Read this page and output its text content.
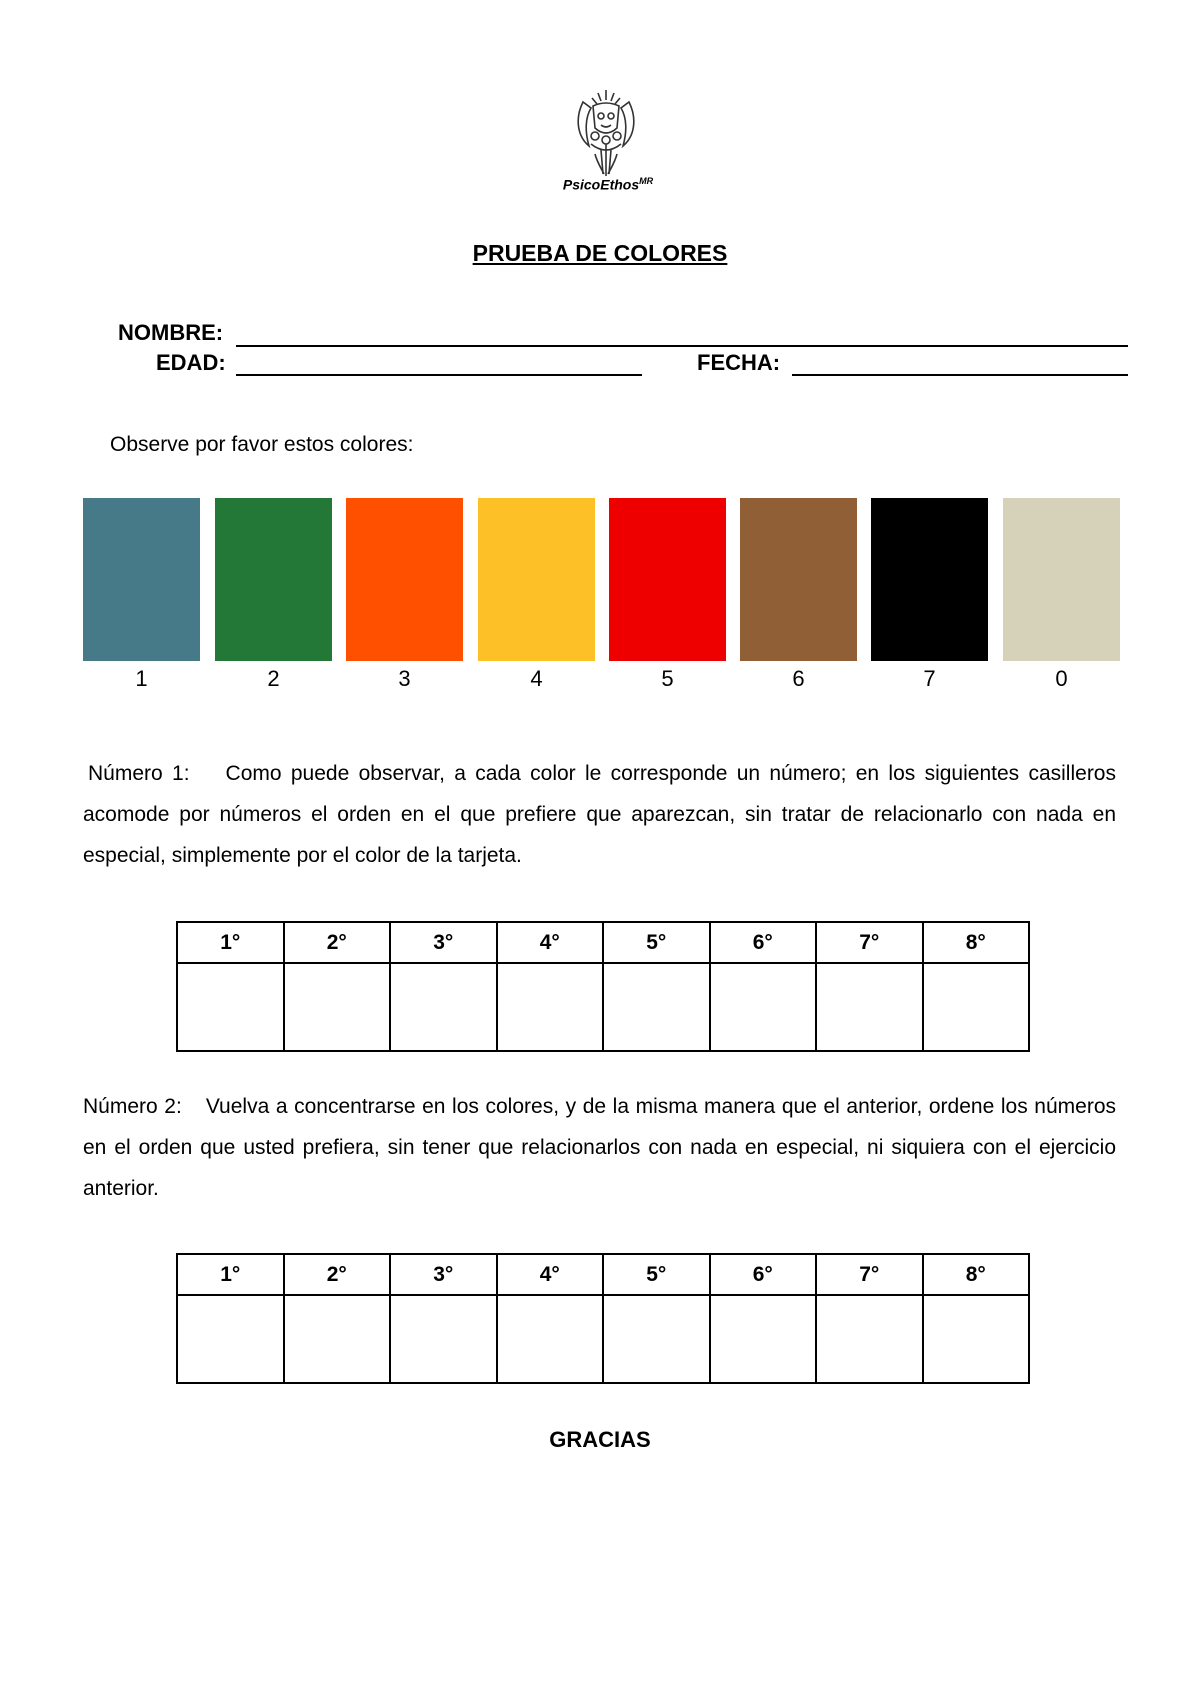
PsicoEthos$^{MR}$
PRUEBA DE COLORES
NOMBRE:
EDAD:	FECHA:
Observe por favor estos colores:
1	2	3	4	5	6	7	0
Número 1: Como puede observar, a cada color le corresponde un número; en los siguientes casilleros acomode por números el orden en el que prefiere que aparezcan, sin tratar de relacionarlo con nada en especial, simplemente por el color de la tarjeta.
1°	2°	3°	4°	5°	6°	7°	8°

Número 2: Vuelva a concentrarse en los colores, y de la misma manera que el anterior, ordene los números en el orden que usted prefiera, sin tener que relacionarlos con nada en especial, ni siquiera con el ejercicio anterior.
1°	2°	3°	4°	5°	6°	7°	8°

GRACIAS
